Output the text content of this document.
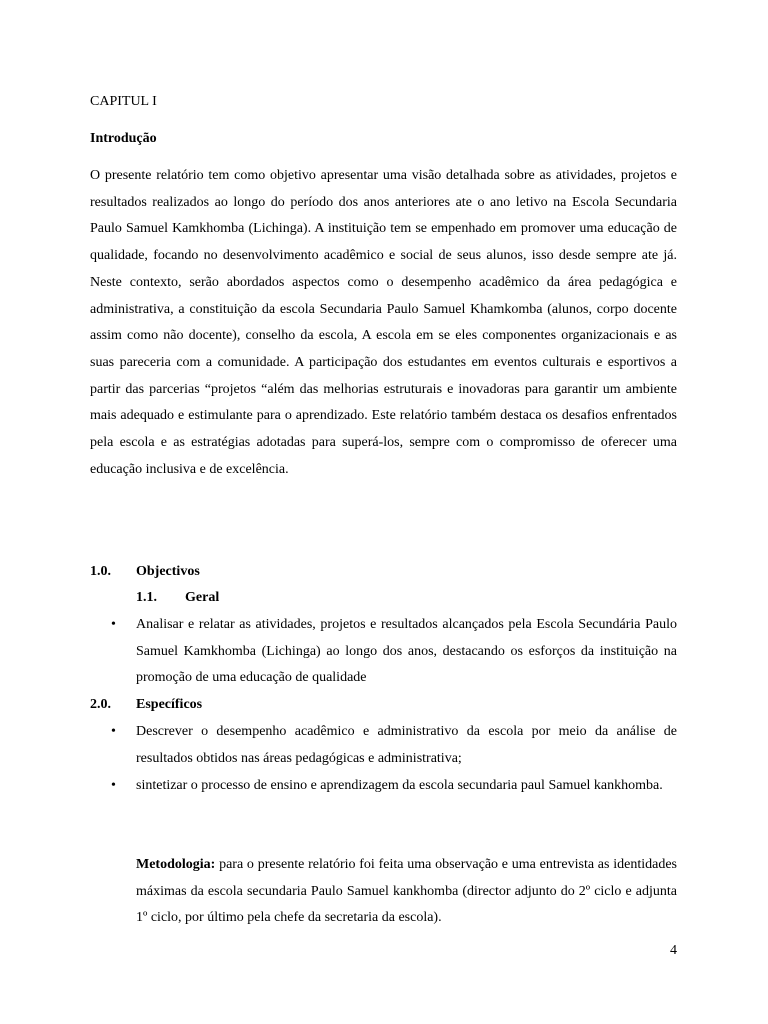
CAPITUL I
Introdução
O presente relatório tem como objetivo apresentar uma visão detalhada sobre as atividades, projetos e resultados realizados ao longo do período dos anos anteriores ate o ano letivo na Escola Secundaria Paulo Samuel Kamkhomba (Lichinga). A instituição tem se empenhado em promover uma educação de qualidade, focando no desenvolvimento acadêmico e social de seus alunos, isso desde sempre ate já. Neste contexto, serão abordados aspectos como o desempenho acadêmico da área pedagógica e administrativa, a constituição da escola Secundaria Paulo Samuel Khamkomba (alunos, corpo docente assim como não docente), conselho da escola, A escola em se eles componentes organizacionais e as suas pareceria com a comunidade. A participação dos estudantes em eventos culturais e esportivos a partir das parcerias “projetos “além das melhorias estruturais e inovadoras para garantir um ambiente mais adequado e estimulante para o aprendizado. Este relatório também destaca os desafios enfrentados pela escola e as estratégias adotadas para superá-los, sempre com o compromisso de oferecer uma educação inclusiva e de excelência.
1.0. Objectivos
1.1. Geral
• Analisar e relatar as atividades, projetos e resultados alcançados pela Escola Secundária Paulo Samuel Kamkhomba (Lichinga) ao longo dos anos, destacando os esforços da instituição na promoção de uma educação de qualidade
2.0. Específicos
• Descrever o desempenho acadêmico e administrativo da escola por meio da análise de resultados obtidos nas áreas pedagógicas e administrativa;
• sintetizar o processo de ensino e aprendizagem da escola secundaria paul Samuel kankhomba.
Metodologia: para o presente relatório foi feita uma observação e uma entrevista as identidades máximas da escola secundaria Paulo Samuel kankhomba (director adjunto do 2º ciclo e adjunta 1º ciclo, por último pela chefe da secretaria da escola).
4
